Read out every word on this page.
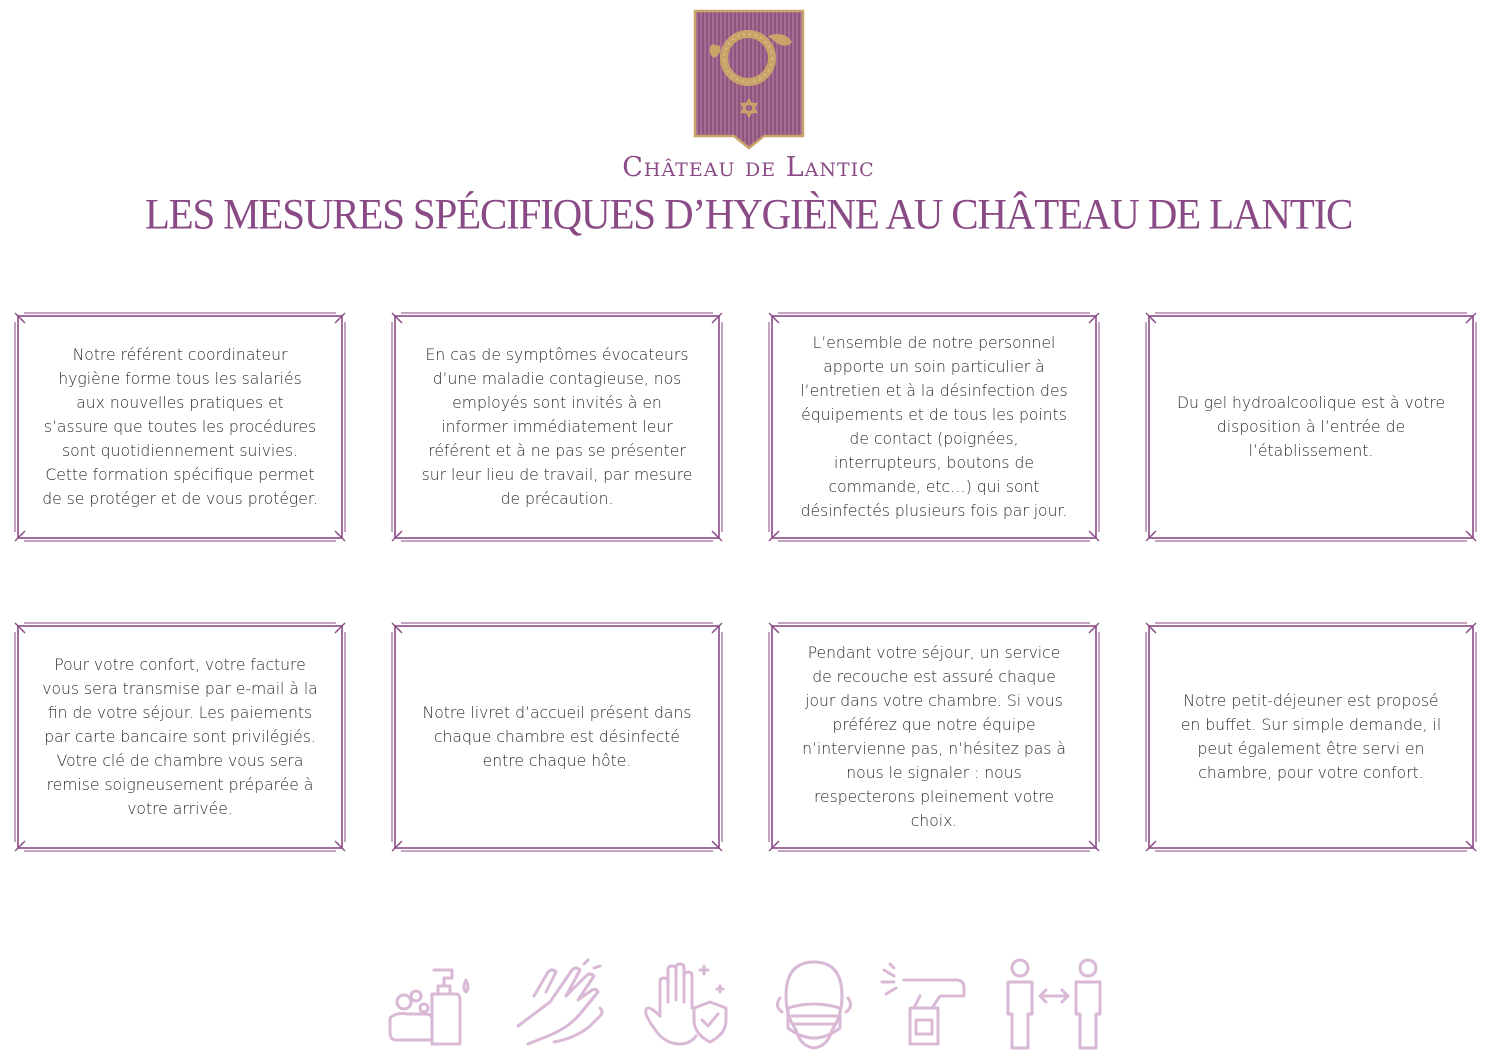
Château de Lantic
LES MESURES SPÉCIFIQUES D’HYGIÈNE AU CHÂTEAU DE LANTIC
Notre référent coordinateur hygiène forme tous les salariés aux nouvelles pratiques et s’assure que toutes les procédures sont quotidiennement suivies. Cette formation spécifique permet de se protéger et de vous protéger.
En cas de symptômes évocateurs d’une maladie contagieuse, nos employés sont invités à en informer immédiatement leur référent et à ne pas se présenter sur leur lieu de travail, par mesure de précaution.
L’ensemble de notre personnel apporte un soin particulier à l’entretien et à la désinfection des équipements et de tous les points de contact (poignées, interrupteurs, boutons de commande, etc…) qui sont désinfectés plusieurs fois par jour.
Du gel hydroalcoolique est à votre disposition à l’entrée de l’établissement.
Pour votre confort, votre facture vous sera transmise par e-mail à la fin de votre séjour. Les paiements par carte bancaire sont privilégiés. Votre clé de chambre vous sera remise soigneusement préparée à votre arrivée.
Notre livret d’accueil présent dans chaque chambre est désinfecté entre chaque hôte.
Pendant votre séjour, un service de recouche est assuré chaque jour dans votre chambre. Si vous préférez que notre équipe n’intervienne pas, n’hésitez pas à nous le signaler : nous respecterons pleinement votre choix.
Notre petit-déjeuner est proposé en buffet. Sur simple demande, il peut également être servi en chambre, pour votre confort.
